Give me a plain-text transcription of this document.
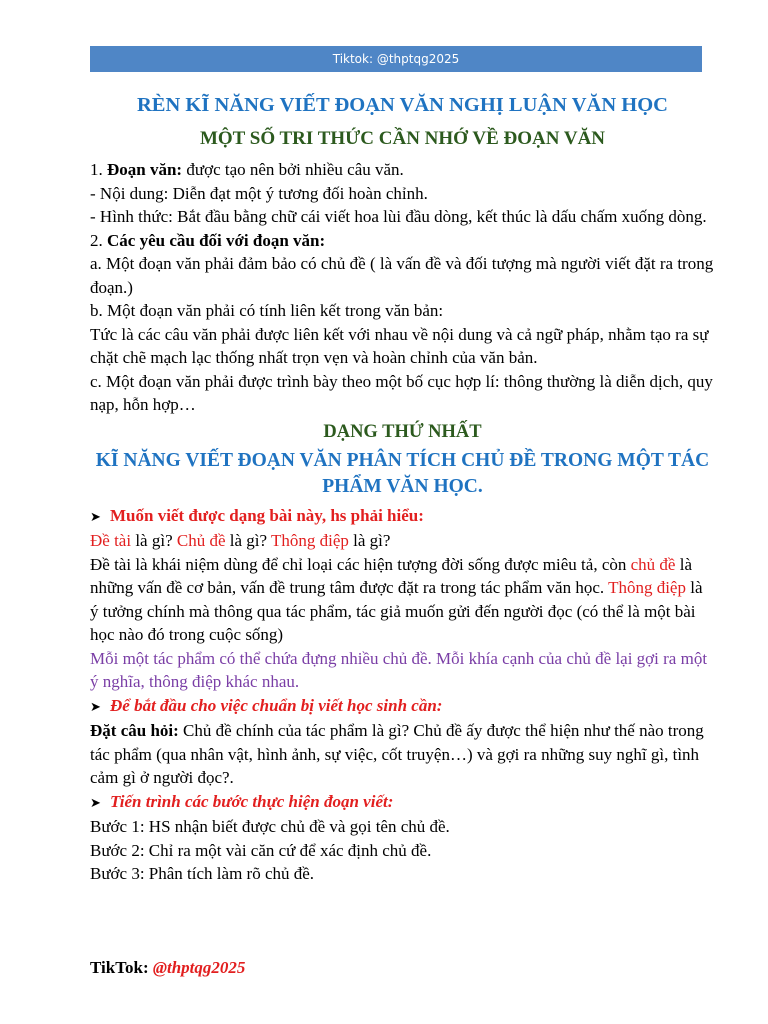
Tiktok: @thptqg2025
RÈN KĨ NĂNG VIẾT ĐOẠN VĂN NGHỊ LUẬN VĂN HỌC
MỘT SỐ TRI THỨC CẦN NHỚ VỀ ĐOẠN VĂN

1. Đoạn văn: được tạo nên bởi nhiều câu văn.

- Nội dung: Diễn đạt một ý tương đối hoàn chỉnh.

- Hình thức: Bắt đầu bằng chữ cái viết hoa lùi đầu dòng, kết thúc là dấu chấm xuống dòng.

2. Các yêu cầu đối với đoạn văn:

a. Một đoạn văn phải đảm bảo có chủ đề ( là vấn đề và đối tượng mà người viết đặt ra trong đoạn.)

b. Một đoạn văn phải có tính liên kết trong văn bản:

Tức là các câu văn phải được liên kết với nhau về nội dung và cả ngữ pháp, nhằm tạo ra sự chặt chẽ mạch lạc thống nhất trọn vẹn và hoàn chỉnh của văn bản.

c. Một đoạn văn phải được trình bày theo một bố cục hợp lí: thông thường là diễn dịch, quy nạp, hỗn hợp…

DẠNG THỨ NHẤT
KĨ NĂNG VIẾT ĐOẠN VĂN PHÂN TÍCH CHỦ ĐỀ TRONG MỘT TÁC PHẨM VĂN HỌC.
➤ Muốn viết được dạng bài này, hs phải hiểu:

Đề tài là gì? Chủ đề là gì? Thông điệp là gì?

Đề tài là khái niệm dùng để chỉ loại các hiện tượng đời sống được miêu tả, còn chủ đề là những vấn đề cơ bản, vấn đề trung tâm được đặt ra trong tác phẩm văn học. Thông điệp là ý tưởng chính mà thông qua tác phẩm, tác giả muốn gửi đến người đọc (có thể là một bài học nào đó trong cuộc sống)

Mỗi một tác phẩm có thể chứa đựng nhiều chủ đề. Mỗi khía cạnh của chủ đề lại gợi ra một ý nghĩa, thông điệp khác nhau.

➤ Để bắt đầu cho việc chuẩn bị viết học sinh cần:

Đặt câu hỏi: Chủ đề chính của tác phẩm là gì? Chủ đề ấy được thể hiện như thế nào trong tác phẩm (qua nhân vật, hình ảnh, sự việc, cốt truyện…) và gợi ra những suy nghĩ gì, tình cảm gì ở người đọc?.

➤ Tiến trình các bước thực hiện đoạn viết:

Bước 1: HS nhận biết được chủ đề và gọi tên chủ đề.

Bước 2: Chỉ ra một vài căn cứ để xác định chủ đề.

Bước 3: Phân tích làm rõ chủ đề.

TikTok: @thptqg2025
